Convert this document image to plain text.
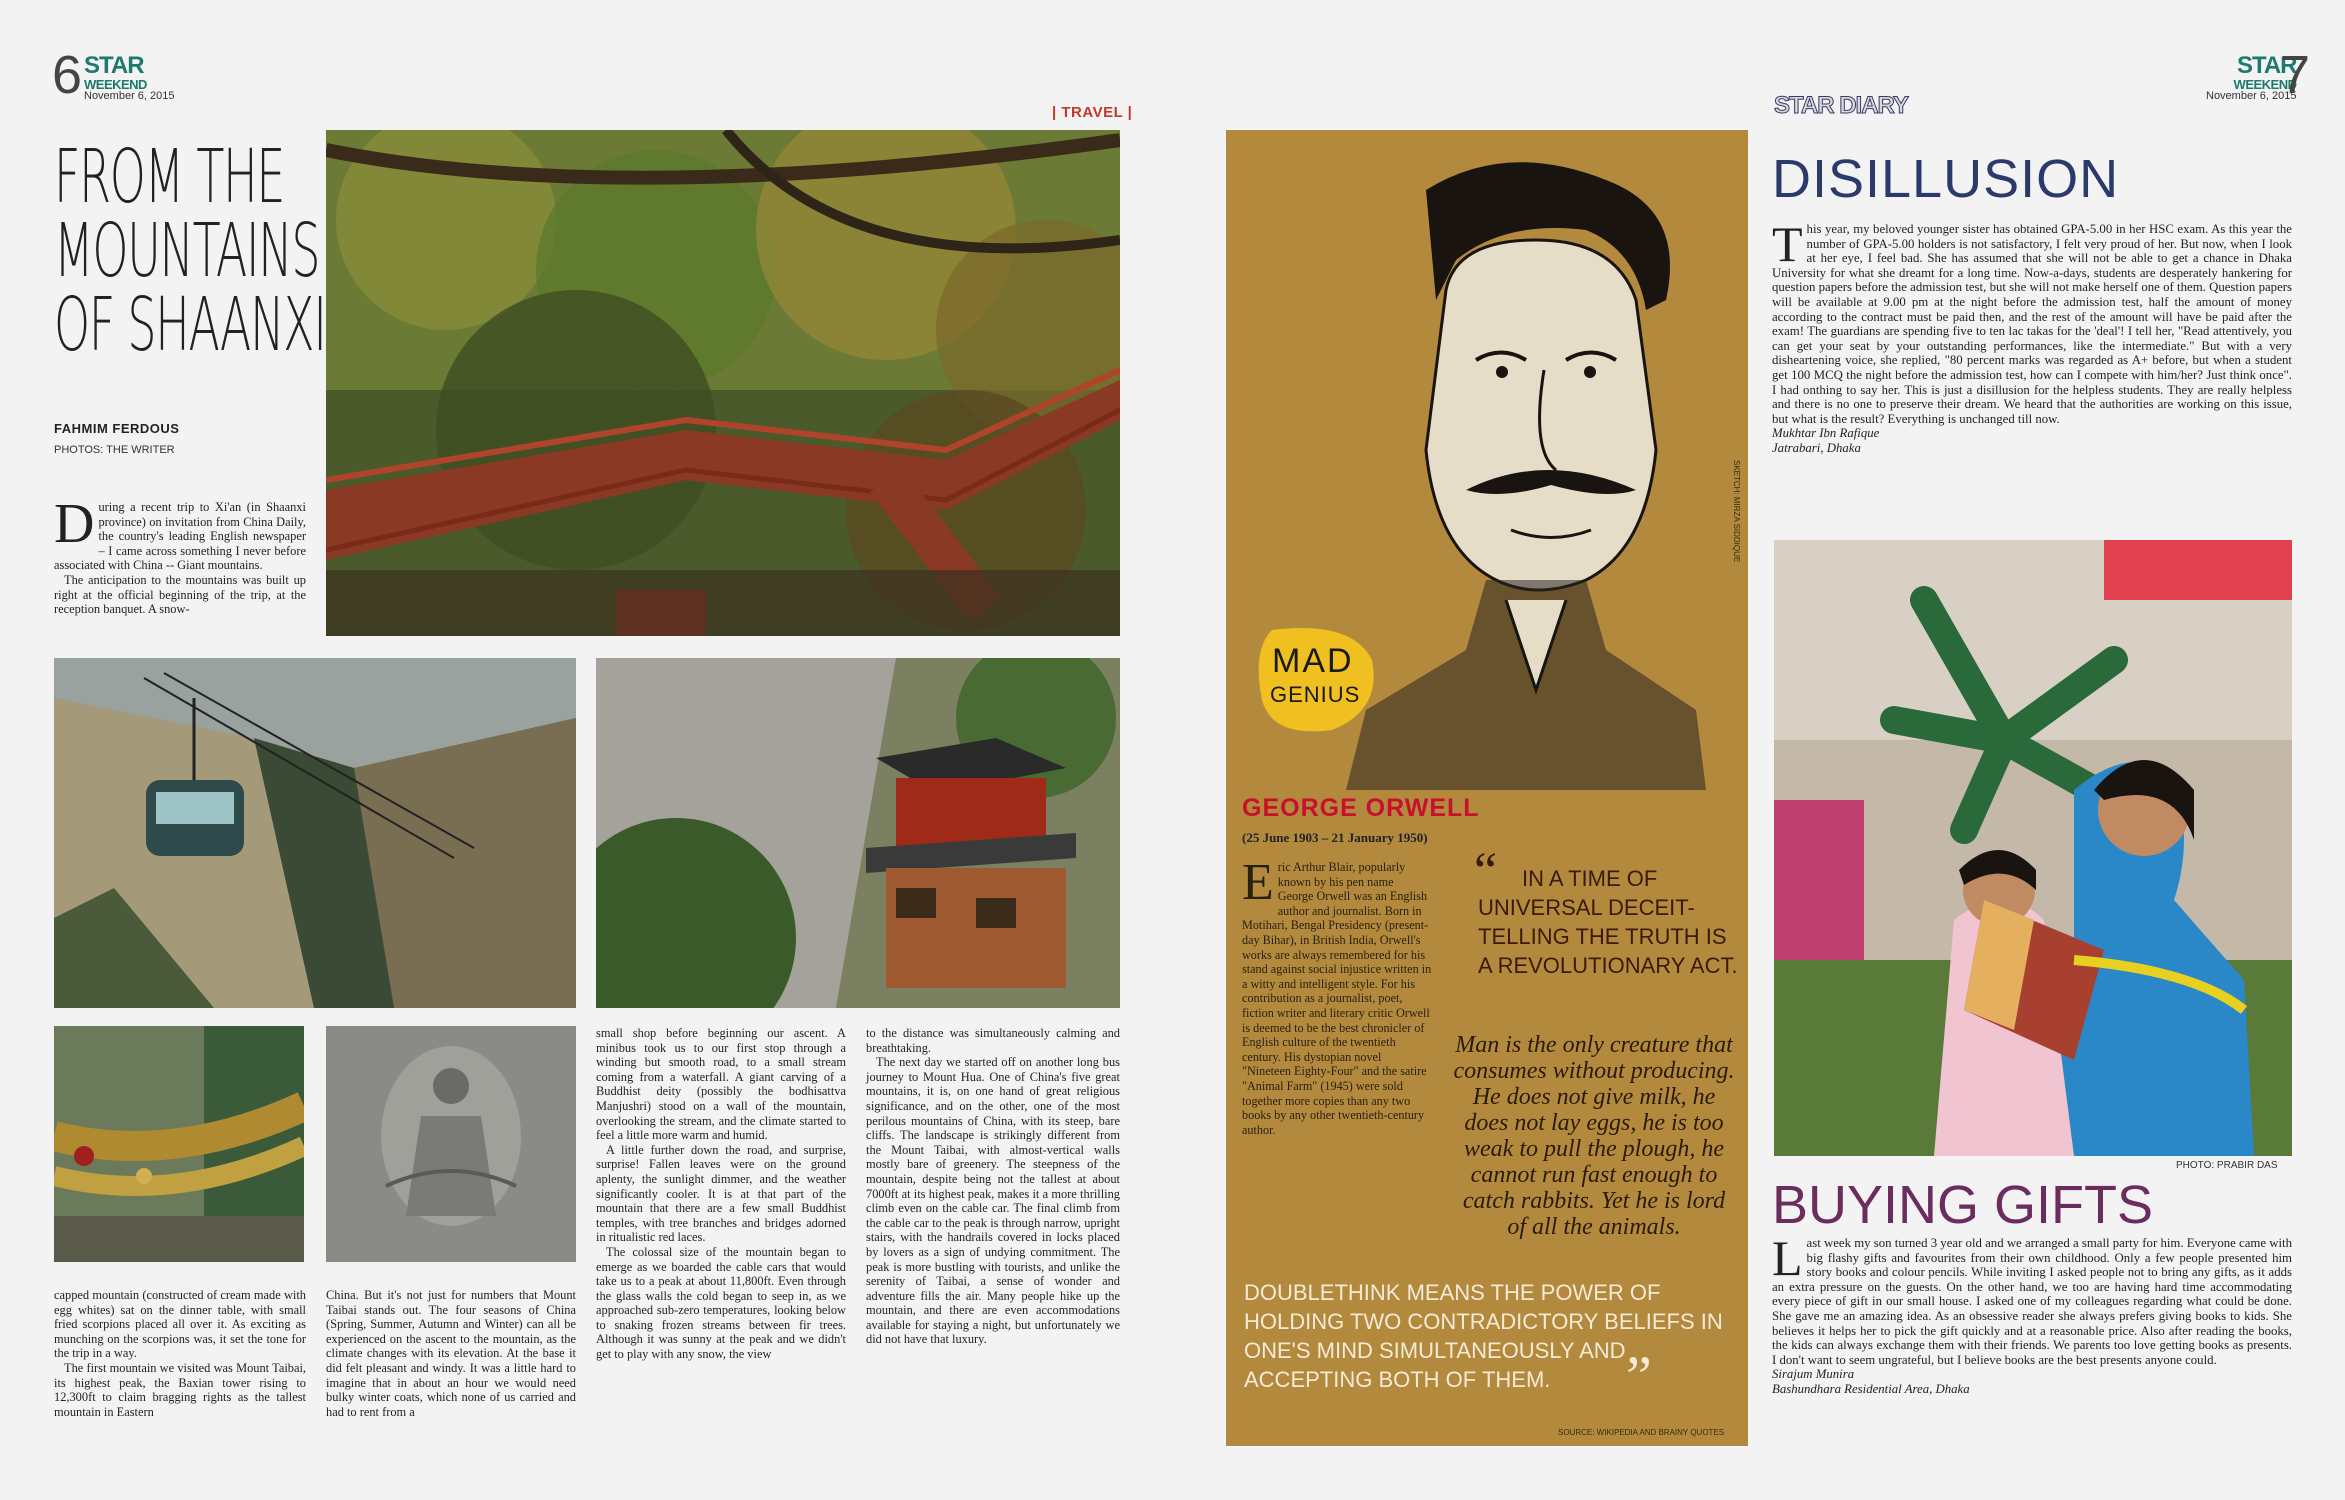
6 STAR
WEEKEND
November 6, 2015
| TRAVEL |
FROM THE
MOUNTAINS
OF SHAANXI
FAHMIM FERDOUS
PHOTOS: THE WRITER

During a recent trip to Xi'an (in Shaanxi province) on invitation from China Daily, the country's leading English newspaper – I came across something I never before associated with China -- Giant mountains.

The anticipation to the mountains was built up right at the official beginning of the trip, at the reception banquet. A snow-

capped mountain (constructed of cream made with egg whites) sat on the dinner table, with small fried scorpions placed all over it. As exciting as munching on the scorpions was, it set the tone for the trip in a way.

The first mountain we visited was Mount Taibai, its highest peak, the Baxian tower rising to 12,300ft to claim bragging rights as the tallest mountain in Eastern

China. But it's not just for numbers that Mount Taibai stands out. The four seasons of China (Spring, Summer, Autumn and Winter) can all be experienced on the ascent to the mountain, as the climate changes with its elevation. At the base it did felt pleasant and windy. It was a little hard to imagine that in about an hour we would need bulky winter coats, which none of us carried and had to rent from a

small shop before beginning our ascent. A minibus took us to our first stop through a winding but smooth road, to a small stream coming from a waterfall. A giant carving of a Buddhist deity (possibly the bodhisattva Manjushri) stood on a wall of the mountain, overlooking the stream, and the climate started to feel a little more warm and humid.

A little further down the road, and surprise, surprise! Fallen leaves were on the ground aplenty, the sunlight dimmer, and the weather significantly cooler. It is at that part of the mountain that there are a few small Buddhist temples, with tree branches and bridges adorned in ritualistic red laces.

The colossal size of the mountain began to emerge as we boarded the cable cars that would take us to a peak at about 11,800ft. Even through the glass walls the cold began to seep in, as we approached sub-zero temperatures, looking below to snaking frozen streams between fir trees. Although it was sunny at the peak and we didn't get to play with any snow, the view

to the distance was simultaneously calming and breathtaking.

The next day we started off on another long bus journey to Mount Hua. One of China's five great mountains, it is, on one hand of great religious significance, and on the other, one of the most perilous mountains of China, with its steep, bare cliffs. The landscape is strikingly different from the Mount Taibai, with almost-vertical walls mostly bare of greenery. The steepness of the mountain, despite being not the tallest at about 7000ft at its highest peak, makes it a more thrilling climb even on the cable car. The final climb from the cable car to the peak is through narrow, upright stairs, with the handrails covered in locks placed by lovers as a sign of undying commitment. The peak is more bustling with tourists, and unlike the serenity of Taibai, a sense of wonder and adventure fills the air. Many people hike up the mountain, and there are even accommodations available for staying a night, but unfortunately we did not have that luxury.

STAR
WEEKEND
November 6, 2015
7
STAR DIARY
MAD
GENIUS
SKETCH: MIRZA SIDDIQUE
GEORGE ORWELL
(25 June 1903 – 21 January 1950)
Eric Arthur Blair, popularly known by his pen name George Orwell was an English author and journalist. Born in Motihari, Bengal Presidency (present-day Bihar), in British India, Orwell's works are always remembered for his stand against social injustice written in a witty and intelligent style. For his contribution as a journalist, poet, fiction writer and literary critic Orwell is deemed to be the best chronicler of English culture of the twentieth century. His dystopian novel "Nineteen Eighty-Four" and the satire "Animal Farm" (1945) were sold together more copies than any two books by any other twentieth-century author.
“	IN A TIME OF UNIVERSAL DECEIT- TELLING THE TRUTH IS A REVOLUTIONARY ACT.
Man is the only creature that consumes without producing. He does not give milk, he does not lay eggs, he is too weak to pull the plough, he cannot run fast enough to catch rabbits. Yet he is lord of all the animals.
DOUBLETHINK MEANS THE POWER OF HOLDING TWO CONTRADICTORY BELIEFS IN ONE'S MIND SIMULTANEOUSLY AND ACCEPTING BOTH OF THEM.	”
SOURCE: WIKIPEDIA AND BRAINY QUOTES
DISILLUSION
This year, my beloved younger sister has obtained GPA-5.00 in her HSC exam. As this year the number of GPA-5.00 holders is not satisfactory, I felt very proud of her. But now, when I look at her eye, I feel bad. She has assumed that she will not be able to get a chance in Dhaka University for what she dreamt for a long time. Now-a-days, students are desperately hankering for question papers before the admission test, but she will not make herself one of them. Question papers will be available at 9.00 pm at the night before the admission test, half the amount of money according to the contract must be paid then, and the rest of the amount will have be paid after the exam! The guardians are spending five to ten lac takas for the 'deal'! I tell her, "Read attentively, you can get your seat by your outstanding performances, like the intermediate." But with a very disheartening voice, she replied, "80 percent marks was regarded as A+ before, but when a student get 100 MCQ the night before the admission test, how can I compete with him/her? Just think once". I had onthing to say her. This is just a disillusion for the helpless students. They are really helpless and there is no one to preserve their dream. We heard that the authorities are working on this issue, but what is the result? Everything is unchanged till now.
Mukhtar Ibn Rafique
Jatrabari, Dhaka
PHOTO: PRABIR DAS
BUYING GIFTS
Last week my son turned 3 year old and we arranged a small party for him. Everyone came with big flashy gifts and favourites from their own childhood. Only a few people presented him story books and colour pencils. While inviting I asked people not to bring any gifts, as it adds an extra pressure on the guests. On the other hand, we too are having hard time accommodating every piece of gift in our small house. I asked one of my colleagues regarding what could be done. She gave me an amazing idea. As an obsessive reader she always prefers giving books to kids. She believes it helps her to pick the gift quickly and at a reasonable price. Also after reading the books, the kids can always exchange them with their friends. We parents too love getting books as presents. I don't want to seem ungrateful, but I believe books are the best presents anyone could.
Sirajum Munira
Bashundhara Residential Area, Dhaka
